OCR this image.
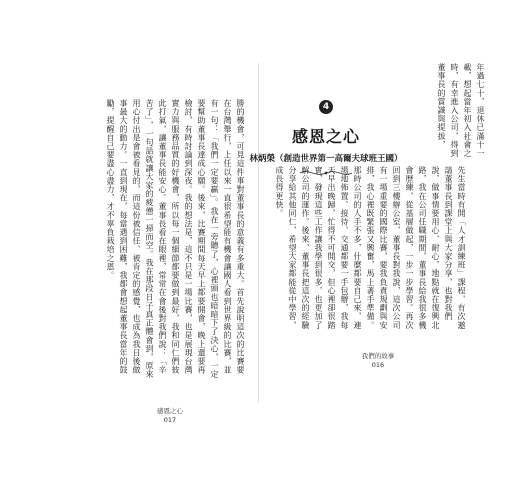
勝的機會，可見這件事對董事長的意義有多重大。首先說明這次的比賽要在台灣舉行，上任以來一直很希望能有機會讓國人看到世界級的比賽，並有一句：「我們一定要贏」。我在一旁聽了，心裡頭也暗暗下了決心，一定要幫助董事長達成心願。後來，比賽期間每天早上都要開會，晚上還要再檢討，有時討論到深夜。我的想法是，這不只是一場比賽，也是展現台灣實力與服務品質的好機會，所以每一個細節都要做到最好，我和同仁們彼此打氣，讓董事長能安心。董事長看在眼裡，常常在會後對我們說：「辛苦了」，一句話就讓大家的疲憊一掃而空。我在那段日子真正體會到，原來用心付出是會被看見的，而這份被信任、被肯定的感覺，也成為我日後做事最大的動力。一直到現在，每當遇到困難，我都會想起董事長當年的鼓勵，提醒自己要盡心盡力，才不辜負栽培之恩。
感恩之心
017
4
感恩之心
林炳榮（創造世界第一高爾夫球班王國）
年過七十，退休已滿十一載，想起當年初入社會之時，有幸進入公司，得到董事長的賞識與提拔，
先生當時有開「人才訓練班」課程，有次邀請董事長到課堂上與大家分享，也對我們說，做事情要用心、耐心，地點就在復興北路，我在公司任職期間，董事長給我很多機會歷練，從基層做起，一步一步學習。再次回到三樓辦公室，董事長對我說，這次公司有一場重要的國際比賽，要我負責規劃與安排，我心裡既緊張又興奮，馬上著手準備。那時公司的人手不多，什麼都要自己來，連場地佈置、接待、交通都要一手包辦，我每天早出晚歸，忙得不可開交，但心裡卻很踏實，發現這些工作讓我學到很多，也更加了解公司的運作。後來，董事長把這次的經驗分享給其他同仁，希望大家都能從中學習，成長得更快。
我們的故事
016
